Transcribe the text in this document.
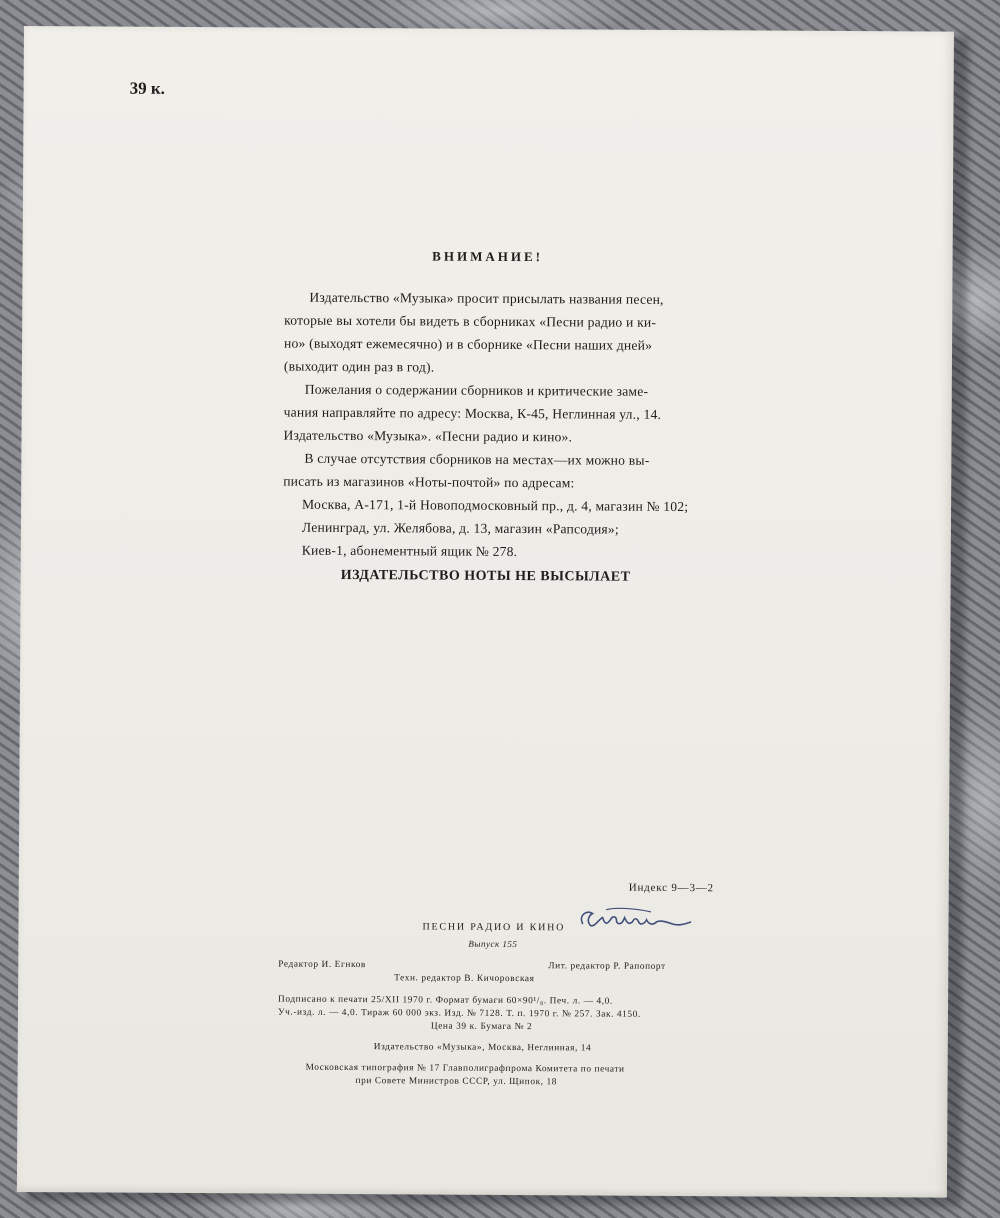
39 к.
ВНИМАНИЕ!
Издательство «Музыка» просит присылать названия песен,
которые вы хотели бы видеть в сборниках «Песни радио и ки-
но» (выходят ежемесячно) и в сборнике «Песни наших дней»
(выходит один раз в год).
Пожелания о содержании сборников и критические заме-
чания направляйте по адресу: Москва, К-45, Неглинная ул., 14.
Издательство «Музыка». «Песни радио и кино».
В случае отсутствия сборников на местах—их можно вы-
писать из магазинов «Ноты-почтой» по адресам:
Москва, А-171, 1-й Новоподмосковный пр., д. 4, магазин № 102;
Ленинград, ул. Желябова, д. 13, магазин «Рапсодия»;
Киев-1, абонементный ящик № 278.
ИЗДАТЕЛЬСТВО НОТЫ НЕ ВЫСЫЛАЕТ
Индекс 9—3—2
ПЕСНИ РАДИО И КИНО
Выпуск 155
Редактор И. Егнков	Лит. редактор Р. Рапопорт
Техн. редактор В. Кичоровская
Подписано к печати 25/XII 1970 г. Формат бумаги 60×90¹/₈. Печ. л. — 4,0.
Уч.-изд. л. — 4,0. Тираж 60 000 экз. Изд. № 7128. Т. п. 1970 г. № 257. Зак. 4150.
Цена 39 к. Бумага № 2
Издательство «Музыка», Москва, Неглинная, 14
Московская типография № 17 Главполиграфпрома Комитета по печати
при Совете Министров СССР, ул. Щипок, 18
